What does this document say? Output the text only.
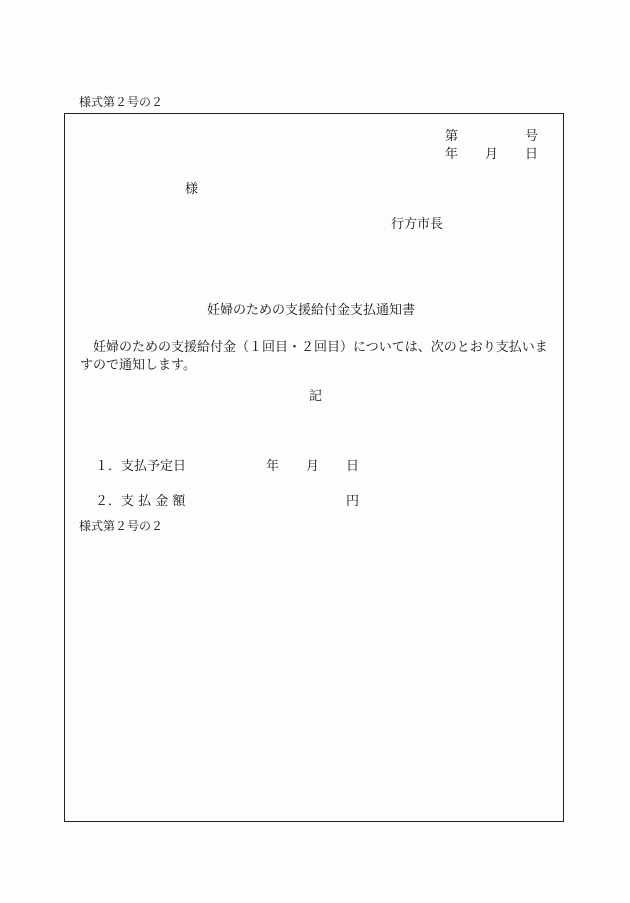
様式第２号の２
第	号
年 月 日
様
行方市長
妊婦のための支援給付金支払通知書

妊婦のための支援給付金（１回目・２回目）については、次のとおり支払いますので通知します。

記
１．支払予定日	年 月 日
２．支 払 金 額	円
様式第２号の２
